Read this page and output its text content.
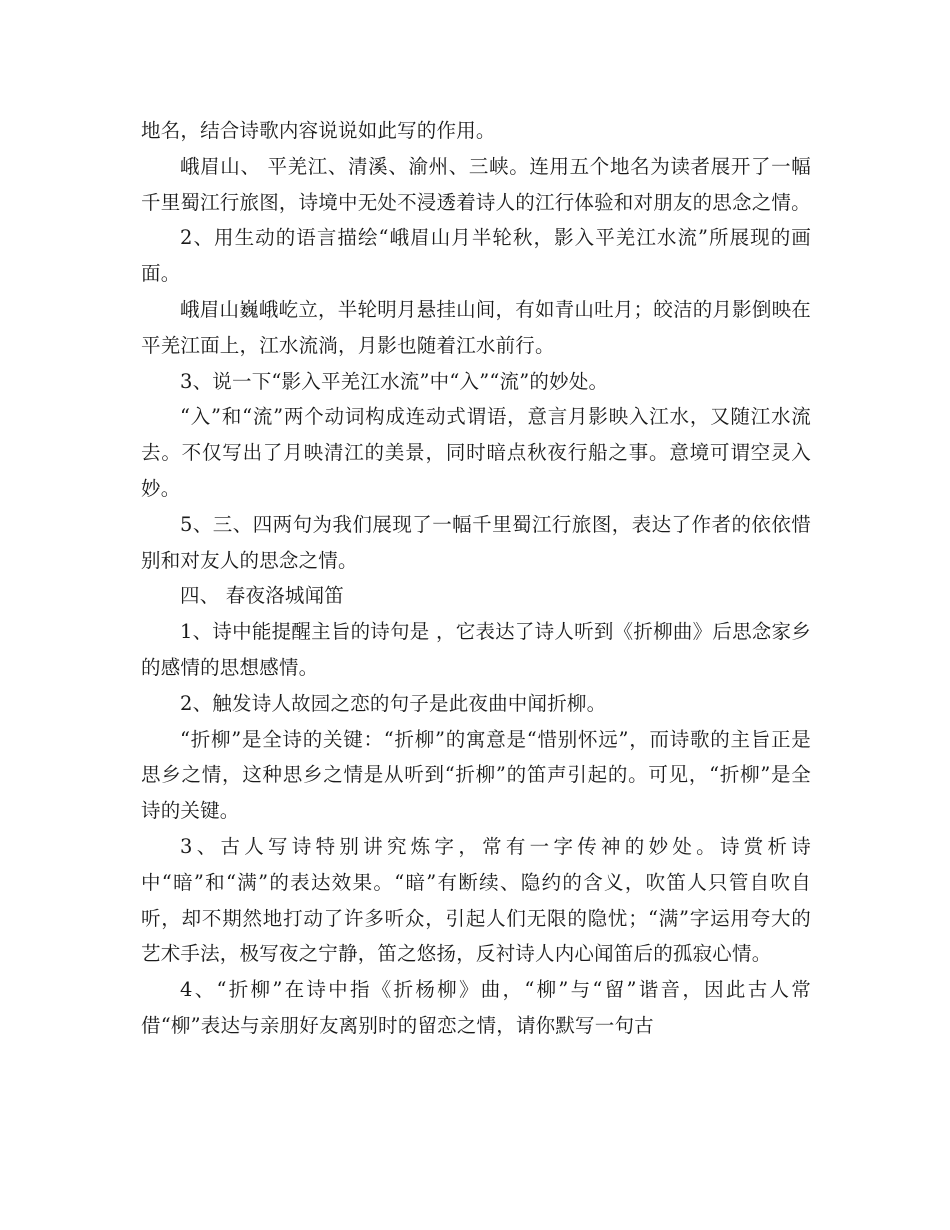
地名，结合诗歌内容说说如此写的作用。

峨眉山、 平羌江、清溪、渝州、三峡。连用五个地名为读者展开了一幅千里蜀江行旅图，诗境中无处不浸透着诗人的江行体验和对朋友的思念之情。

2、用生动的语言描绘“峨眉山月半轮秋，影入平羌江水流”所展现的画面。

峨眉山巍峨屹立，半轮明月悬挂山间，有如青山吐月；皎洁的月影倒映在平羌江面上，江水流淌，月影也随着江水前行。

3、说一下“影入平羌江水流”中“入”“流”的妙处。

“入”和“流”两个动词构成连动式谓语，意言月影映入江水，又随江水流去。不仅写出了月映清江的美景，同时暗点秋夜行船之事。意境可谓空灵入妙。

5、三、四两句为我们展现了一幅千里蜀江行旅图，表达了作者的依依惜别和对友人的思念之情。

四、 春夜洛城闻笛

1、诗中能提醒主旨的诗句是 ，它表达了诗人听到《折柳曲》后思念家乡的感情的思想感情。

2、触发诗人故园之恋的句子是此夜曲中闻折柳。

“折柳”是全诗的关键：“折柳”的寓意是“惜别怀远”，而诗歌的主旨正是思乡之情，这种思乡之情是从听到“折柳”的笛声引起的。可见，“折柳”是全诗的关键。

3、古人写诗特别讲究炼字，常有一字传神的妙处。诗赏析诗中“暗”和“满”的表达效果。“暗”有断续、隐约的含义，吹笛人只管自吹自听，却不期然地打动了许多听众，引起人们无限的隐忧；“满”字运用夸大的艺术手法，极写夜之宁静，笛之悠扬，反衬诗人内心闻笛后的孤寂心情。

4、“折柳”在诗中指《折杨柳》曲，“柳”与“留”谐音，因此古人常借“柳”表达与亲朋好友离别时的留恋之情，请你默写一句古
